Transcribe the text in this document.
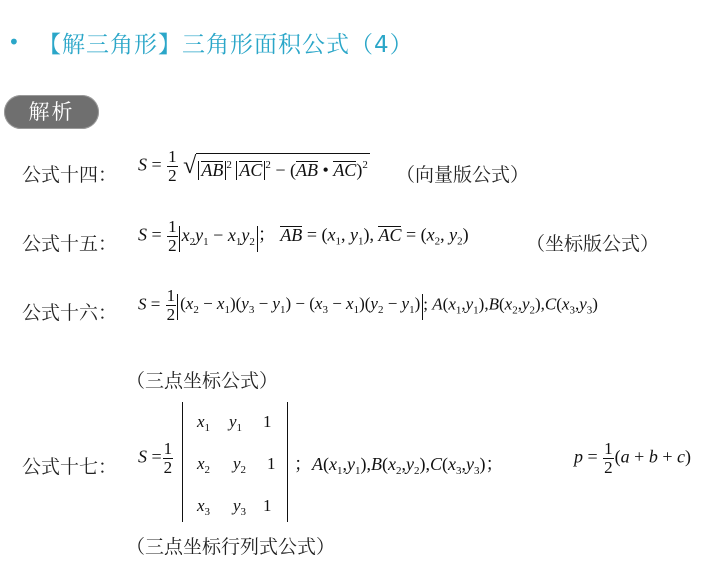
• 【解三角形】三角形面积公式（4）
解析
公式十四： $S = \frac{1}{2}$ √ AB $^2$ AC $^2$ − (AB • AC)$^2$ （向量版公式）
公式十五： $S = \frac{1}{2} x_2y_1 - x_1y_2$ ； AB = ($x_1$, $y_1$), AC = ($x_2$, $y_2$)	（坐标版公式）
公式十六： $S = \frac{1}{2} (x_2 - x_1)(y_3 - y_1) - (x_3 - x_1)(y_2 - y_1)$ ; $A(x_1,y_1),B(x_2,y_2),C(x_3,y_3)$
（三点坐标公式）
公式十七： $S = \frac{1}{2}$
$x_1$ $y_1$ 1
$x_2$ $y_2$ 1
$x_3$ $y_3$ 1
；$A(x_1,y_1),B(x_2,y_2),C(x_3,y_3)$；	$p = \frac{1}{2} (a + b + c)$
（三点坐标行列式公式）
